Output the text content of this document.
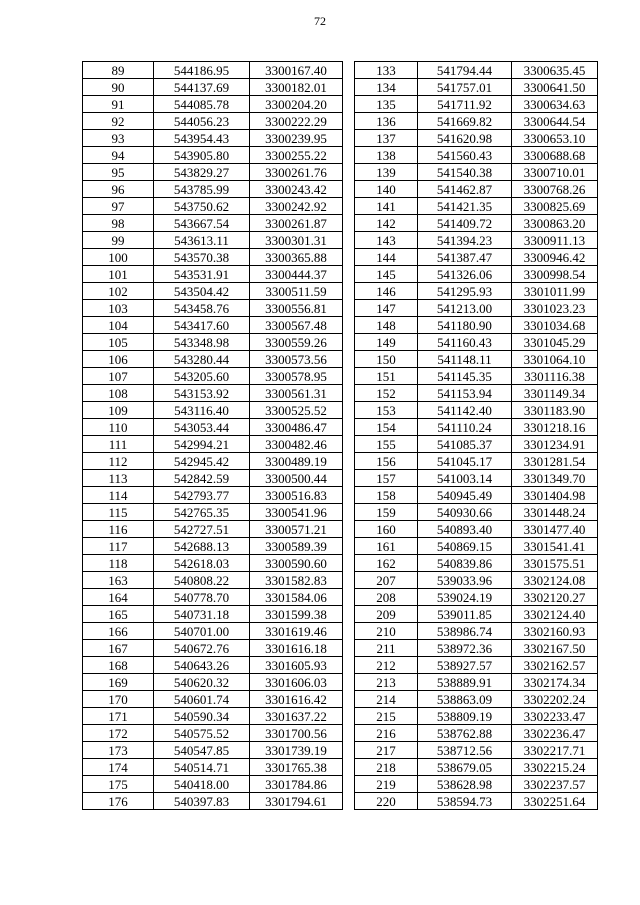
72
89	544186.95	3300167.40
90	544137.69	3300182.01
91	544085.78	3300204.20
92	544056.23	3300222.29
93	543954.43	3300239.95
94	543905.80	3300255.22
95	543829.27	3300261.76
96	543785.99	3300243.42
97	543750.62	3300242.92
98	543667.54	3300261.87
99	543613.11	3300301.31
100	543570.38	3300365.88
101	543531.91	3300444.37
102	543504.42	3300511.59
103	543458.76	3300556.81
104	543417.60	3300567.48
105	543348.98	3300559.26
106	543280.44	3300573.56
107	543205.60	3300578.95
108	543153.92	3300561.31
109	543116.40	3300525.52
110	543053.44	3300486.47
111	542994.21	3300482.46
112	542945.42	3300489.19
113	542842.59	3300500.44
114	542793.77	3300516.83
115	542765.35	3300541.96
116	542727.51	3300571.21
117	542688.13	3300589.39
118	542618.03	3300590.60
163	540808.22	3301582.83
164	540778.70	3301584.06
165	540731.18	3301599.38
166	540701.00	3301619.46
167	540672.76	3301616.18
168	540643.26	3301605.93
169	540620.32	3301606.03
170	540601.74	3301616.42
171	540590.34	3301637.22
172	540575.52	3301700.56
173	540547.85	3301739.19
174	540514.71	3301765.38
175	540418.00	3301784.86
176	540397.83	3301794.61
133	541794.44	3300635.45
134	541757.01	3300641.50
135	541711.92	3300634.63
136	541669.82	3300644.54
137	541620.98	3300653.10
138	541560.43	3300688.68
139	541540.38	3300710.01
140	541462.87	3300768.26
141	541421.35	3300825.69
142	541409.72	3300863.20
143	541394.23	3300911.13
144	541387.47	3300946.42
145	541326.06	3300998.54
146	541295.93	3301011.99
147	541213.00	3301023.23
148	541180.90	3301034.68
149	541160.43	3301045.29
150	541148.11	3301064.10
151	541145.35	3301116.38
152	541153.94	3301149.34
153	541142.40	3301183.90
154	541110.24	3301218.16
155	541085.37	3301234.91
156	541045.17	3301281.54
157	541003.14	3301349.70
158	540945.49	3301404.98
159	540930.66	3301448.24
160	540893.40	3301477.40
161	540869.15	3301541.41
162	540839.86	3301575.51
207	539033.96	3302124.08
208	539024.19	3302120.27
209	539011.85	3302124.40
210	538986.74	3302160.93
211	538972.36	3302167.50
212	538927.57	3302162.57
213	538889.91	3302174.34
214	538863.09	3302202.24
215	538809.19	3302233.47
216	538762.88	3302236.47
217	538712.56	3302217.71
218	538679.05	3302215.24
219	538628.98	3302237.57
220	538594.73	3302251.64
